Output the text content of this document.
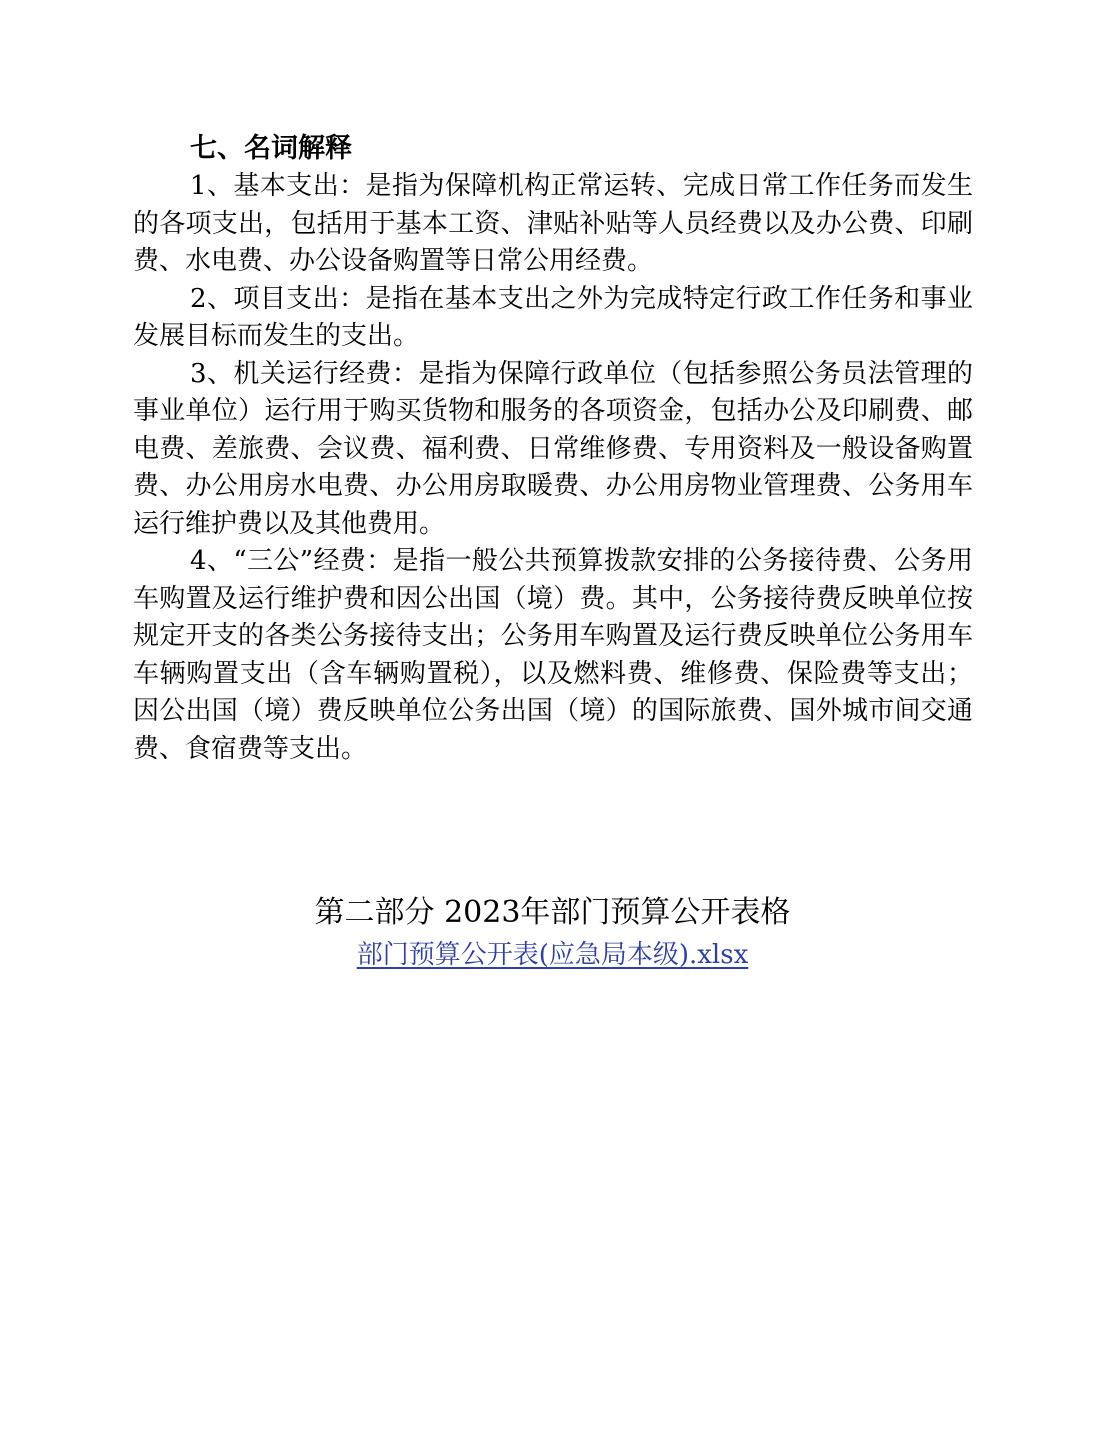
七、名词解释

1、基本支出：是指为保障机构正常运转、完成日常工作任务而发生的各项支出，包括用于基本工资、津贴补贴等人员经费以及办公费、印刷费、水电费、办公设备购置等日常公用经费。

2、项目支出：是指在基本支出之外为完成特定行政工作任务和事业发展目标而发生的支出。

3、机关运行经费：是指为保障行政单位（包括参照公务员法管理的事业单位）运行用于购买货物和服务的各项资金，包括办公及印刷费、邮电费、差旅费、会议费、福利费、日常维修费、专用资料及一般设备购置费、办公用房水电费、办公用房取暖费、办公用房物业管理费、公务用车运行维护费以及其他费用。

4、“三公”经费：是指一般公共预算拨款安排的公务接待费、公务用车购置及运行维护费和因公出国（境）费。其中，公务接待费反映单位按规定开支的各类公务接待支出；公务用车购置及运行费反映单位公务用车车辆购置支出（含车辆购置税），以及燃料费、维修费、保险费等支出；因公出国（境）费反映单位公务出国（境）的国际旅费、国外城市间交通费、食宿费等支出。

第二部分 2023年部门预算公开表格
部门预算公开表(应急局本级).xlsx
